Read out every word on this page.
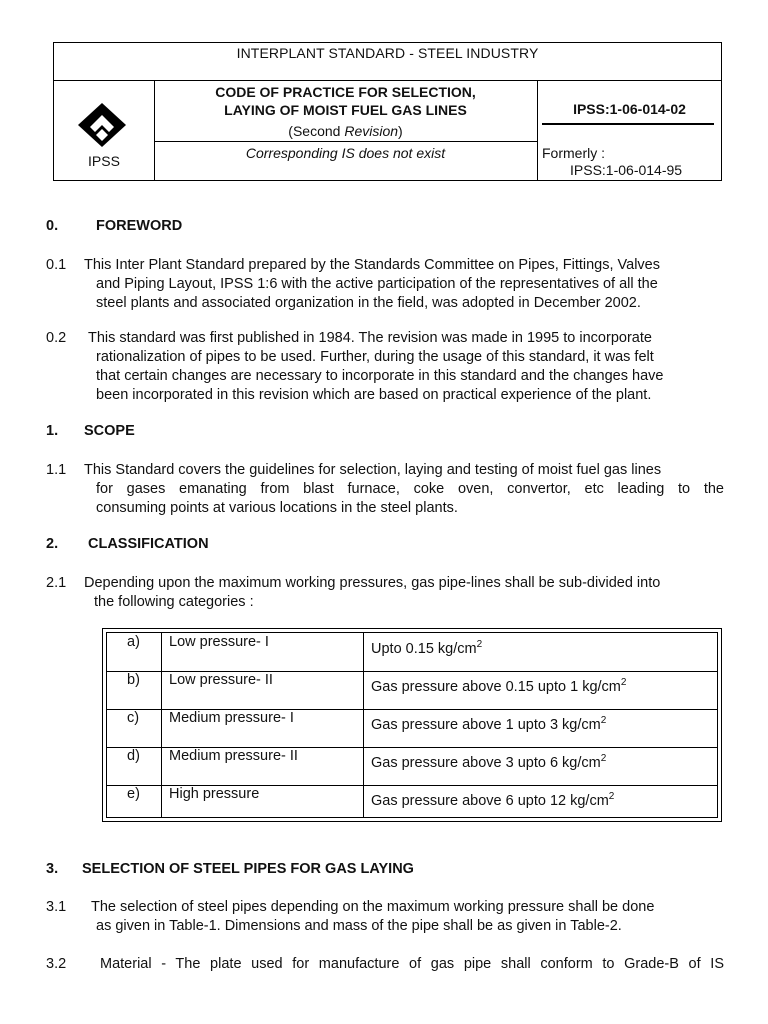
INTERPLANT STANDARD - STEEL INDUSTRY
IPSS
CODE OF PRACTICE FOR SELECTION,
LAYING OF MOIST FUEL GAS LINES
(Second Revision)
Corresponding IS does not exist
IPSS:1-06-014-02
Formerly :
IPSS:1-06-014-95
0.	FOREWORD
0.1 This Inter Plant Standard prepared by the Standards Committee on Pipes, Fittings, Valves
and Piping Layout, IPSS 1:6 with the active participation of the representatives of all the
steel plants and associated organization in the field, was adopted in December 2002.
0.2 This standard was first published in 1984. The revision was made in 1995 to incorporate
rationalization of pipes to be used. Further, during the usage of this standard, it was felt
that certain changes are necessary to incorporate in this standard and the changes have
been incorporated in this revision which are based on practical experience of the plant.
1. SCOPE
1.1 This Standard covers the guidelines for selection, laying and testing of moist fuel gas lines
for gases emanating from blast furnace, coke oven, convertor, etc leading to the
consuming points at various locations in the steel plants.
2. CLASSIFICATION
2.1 Depending upon the maximum working pressures, gas pipe-lines shall be sub-divided into
the following categories :
a) Low pressure- I	Upto 0.15 $kg/cm^2$
b) Low pressure- II	Gas pressure above 0.15 upto 1 $kg/cm^2$
c) Medium pressure- I	Gas pressure above 1 upto 3 $kg/cm^2$
d) Medium pressure- II	Gas pressure above 3 upto 6 $kg/cm^2$
e) High pressure	Gas pressure above 6 upto 12 $kg/cm^2$
3. SELECTION OF STEEL PIPES FOR GAS LAYING
3.1 The selection of steel pipes depending on the maximum working pressure shall be done
as given in Table-1. Dimensions and mass of the pipe shall be as given in Table-2.
3.2 Material - The plate used for manufacture of gas pipe shall conform to Grade-B of IS
